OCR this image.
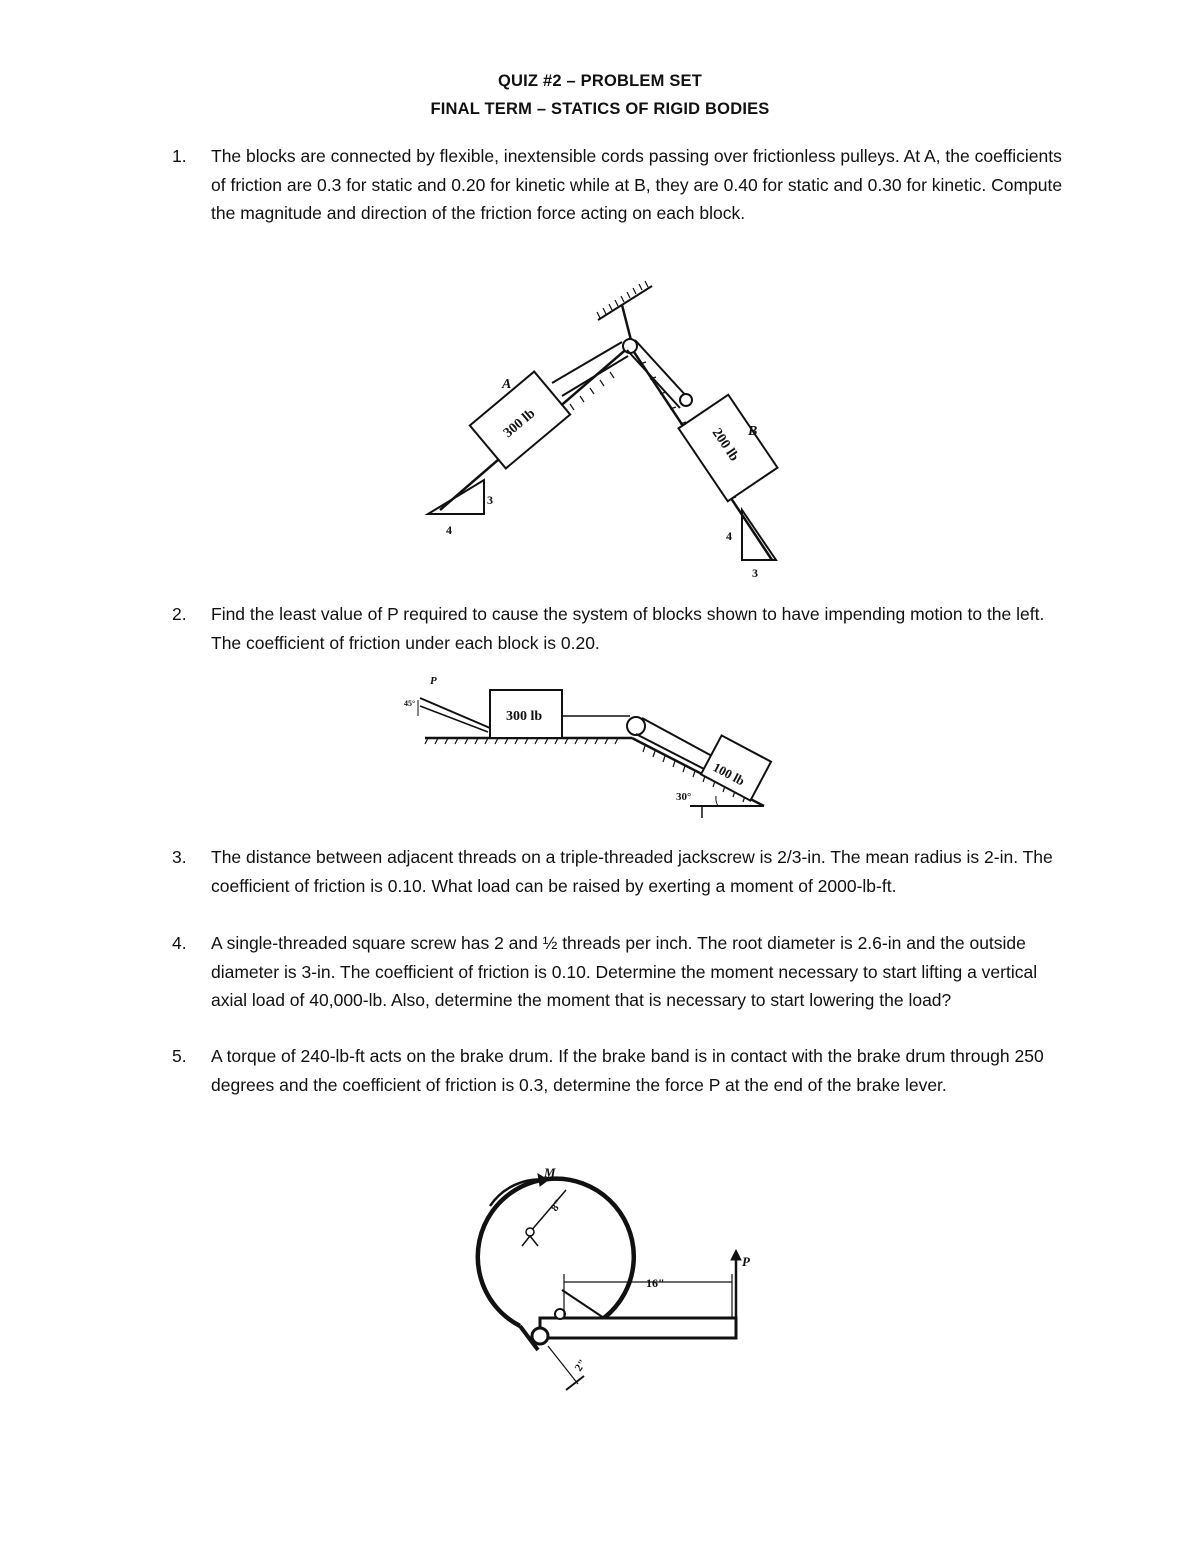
QUIZ #2 – PROBLEM SET
FINAL TERM – STATICS OF RIGID BODIES
1.	The blocks are connected by flexible, inextensible cords passing over frictionless pulleys. At A, the coefficients of friction are 0.3 for static and 0.20 for kinetic while at B, they are 0.40 for static and 0.30 for kinetic. Compute the magnitude and direction of the friction force acting on each block.
A
300 lb	B
200 lb
3
4	4
3
2.	Find the least value of P required to cause the system of blocks shown to have impending motion to the left. The coefficient of friction under each block is 0.20.
P
45°
300 lb
100 lb
30°
3.	The distance between adjacent threads on a triple-threaded jackscrew is 2/3-in. The mean radius is 2-in. The coefficient of friction is 0.10. What load can be raised by exerting a moment of 2000-lb-ft.
4.	A single-threaded square screw has 2 and ½ threads per inch. The root diameter is 2.6-in and the outside diameter is 3-in. The coefficient of friction is 0.10. Determine the moment necessary to start lifting a vertical axial load of 40,000-lb. Also, determine the moment that is necessary to start lowering the load?
5.	A torque of 240-lb-ft acts on the brake drum. If the brake band is in contact with the brake drum through 250 degrees and the coefficient of friction is 0.3, determine the force P at the end of the brake lever.
M
8"
16"
2"
P
